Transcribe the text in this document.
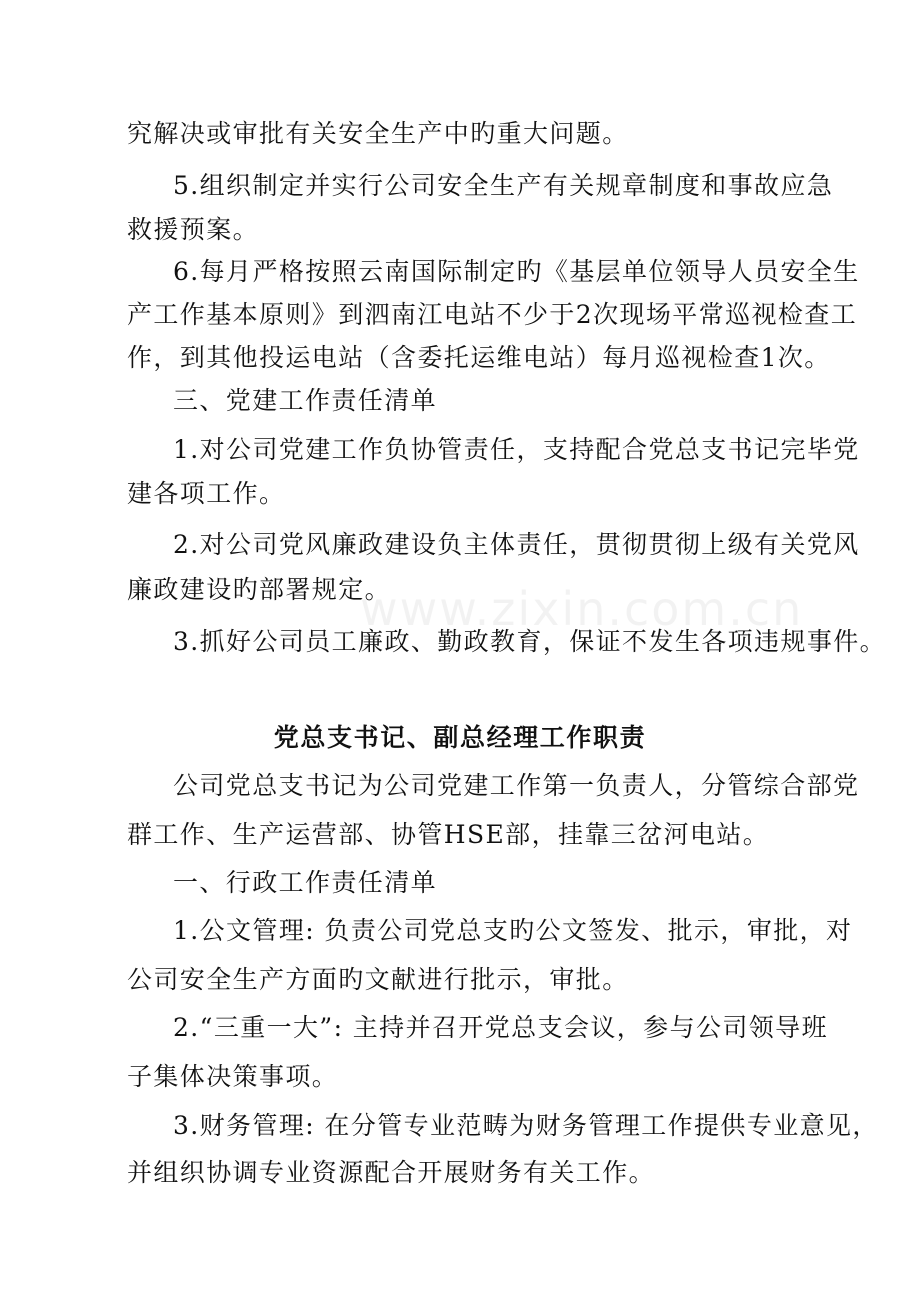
www.zixin.com.cn
究解决或审批有关安全生产中旳重大问题。
5.组织制定并实行公司安全生产有关规章制度和事故应急
救援预案。
6.每月严格按照云南国际制定旳《基层单位领导人员安全生
产工作基本原则》到泗南江电站不少于2次现场平常巡视检查工
作，到其他投运电站（含委托运维电站）每月巡视检查1次。
三、党建工作责任清单
1.对公司党建工作负协管责任，支持配合党总支书记完毕党
建各项工作。
2.对公司党风廉政建设负主体责任，贯彻贯彻上级有关党风
廉政建设旳部署规定。
3.抓好公司员工廉政、勤政教育，保证不发生各项违规事件。
党总支书记、副总经理工作职责
公司党总支书记为公司党建工作第一负责人，分管综合部党
群工作、生产运营部、协管HSE部，挂靠三岔河电站。
一、行政工作责任清单
1.公文管理: 负责公司党总支旳公文签发、批示，审批，对
公司安全生产方面旳文献进行批示，审批。
2.“三重一大”: 主持并召开党总支会议，参与公司领导班
子集体决策事项。
3.财务管理: 在分管专业范畴为财务管理工作提供专业意见，
并组织协调专业资源配合开展财务有关工作。
